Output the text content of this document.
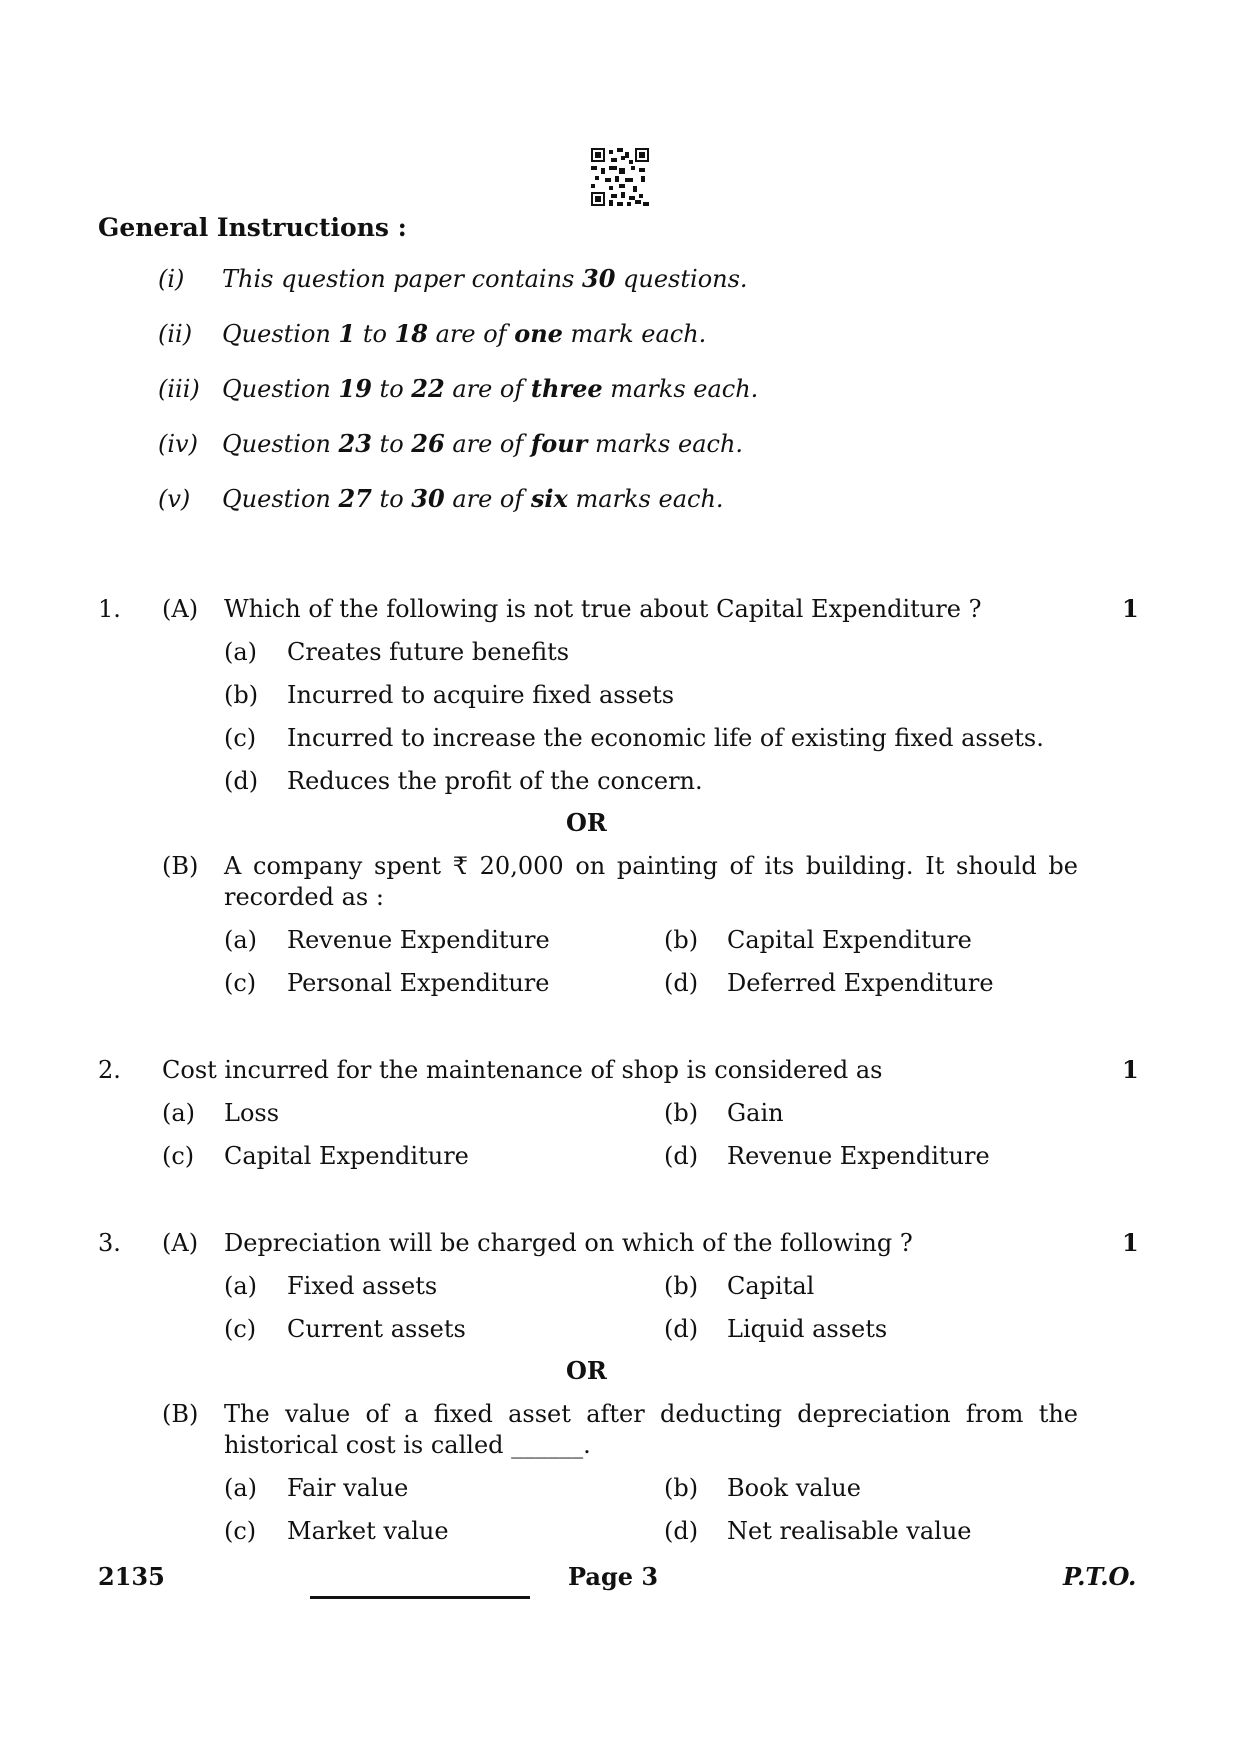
General Instructions :
(i) This question paper contains 30 questions.
(ii) Question 1 to 18 are of one mark each.
(iii) Question 19 to 22 are of three marks each.
(iv) Question 23 to 26 are of four marks each.
(v) Question 27 to 30 are of six marks each.
1. (A) Which of the following is not true about Capital Expenditure ?	1
(a) Creates future benefits
(b) Incurred to acquire fixed assets
(c) Incurred to increase the economic life of existing fixed assets.
(d) Reduces the profit of the concern.
OR
(B) A company spent ₹ 20,000 on painting of its building. It should be
recorded as :
(a) Revenue Expenditure	(b) Capital Expenditure
(c) Personal Expenditure	(d) Deferred Expenditure
2. Cost incurred for the maintenance of shop is considered as	1
(a) Loss	(b) Gain
(c) Capital Expenditure	(d) Revenue Expenditure
3. (A) Depreciation will be charged on which of the following ?	1
(a) Fixed assets	(b) Capital
(c) Current assets	(d) Liquid assets
OR
(B) The value of a fixed asset after deducting depreciation from the
historical cost is called ______.
(a) Fair value	(b) Book value
(c) Market value	(d) Net realisable value
2135	Page 3	P.T.O.
